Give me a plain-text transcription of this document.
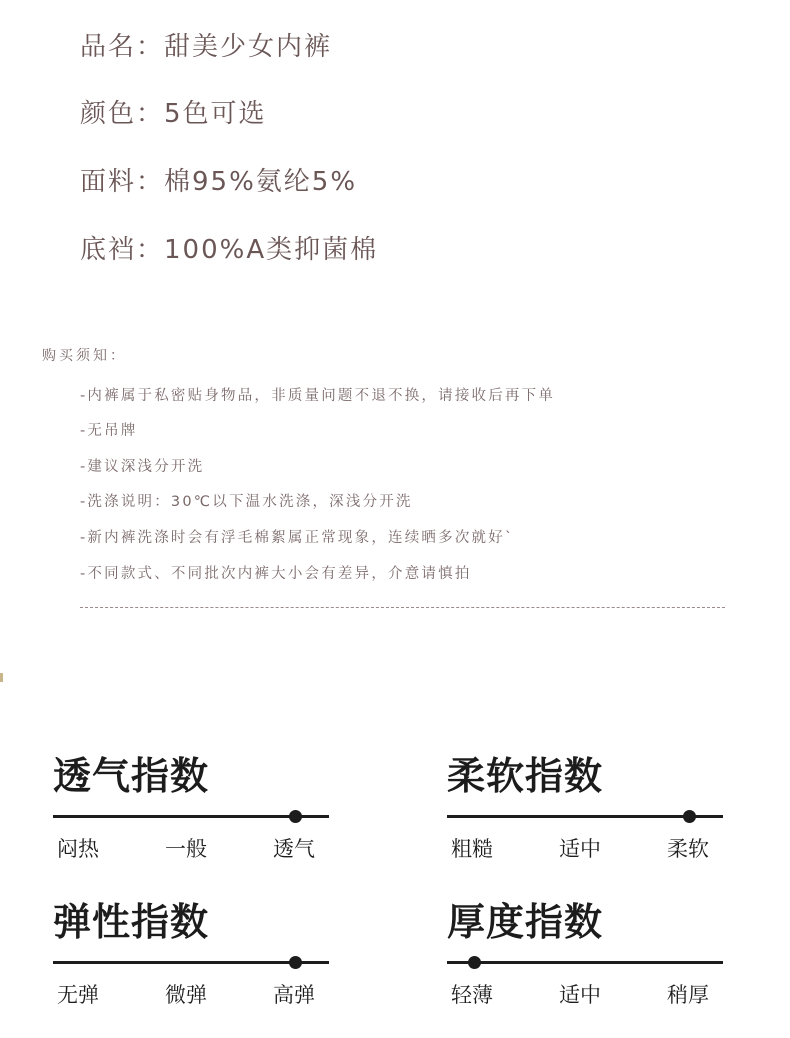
品名：甜美少女内裤
颜色：5色可选
面料：棉95%氨纶5%
底裆：100%A类抑菌棉
购买须知：
-内裤属于私密贴身物品，非质量问题不退不换，请接收后再下单
-无吊牌
-建议深浅分开洗
-洗涤说明：30℃以下温水洗涤，深浅分开洗
-新内裤洗涤时会有浮毛棉絮属正常现象，连续晒多次就好`
-不同款式、不同批次内裤大小会有差异，介意请慎拍
透气指数
闷热	一般	透气
柔软指数
粗糙	适中	柔软
弹性指数
无弹	微弹	高弹
厚度指数
轻薄	适中	稍厚
